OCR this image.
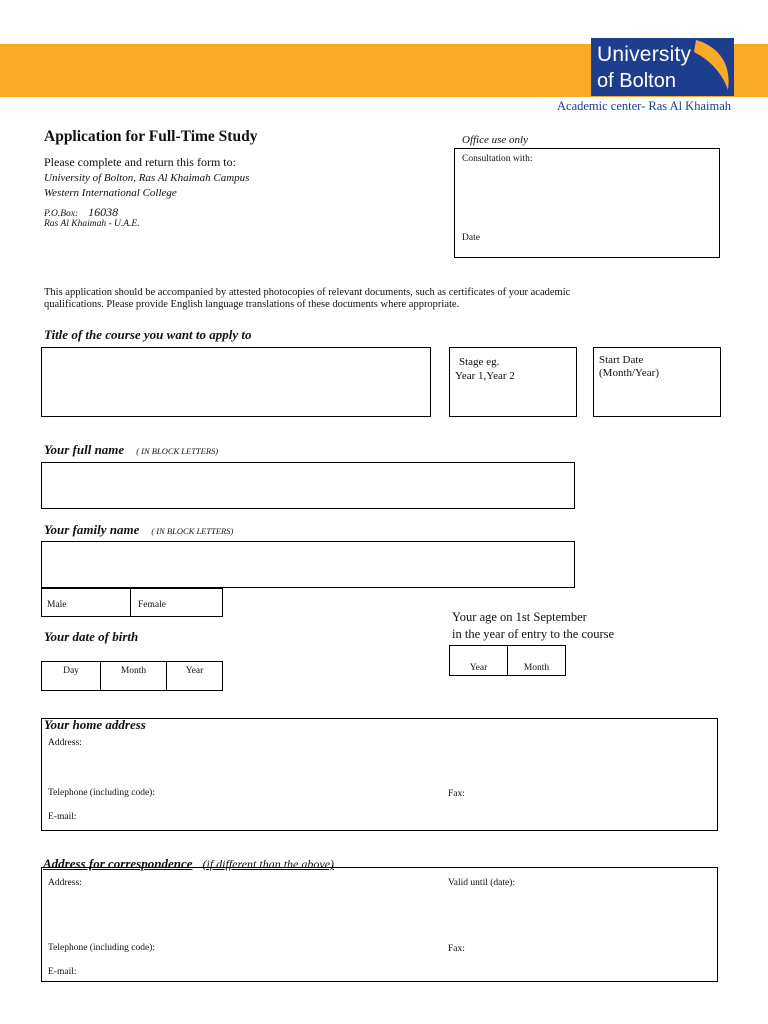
University
of Bolton
Academic center- Ras Al Khaimah
Application for Full-Time Study
Please complete and return this form to:
University of Bolton, Ras Al Khaimah Campus
Western International College
P.O.Box: 16038
Ras Al Khaimah - U.A.E.
Office use only
Consultation with:
Date
This application should be accompanied by attested photocopies of relevant documents, such as certificates of your academic
qualifications. Please provide English language translations of these documents where appropriate.
Title of the course you want to apply to
Stage eg.
Year 1,Year 2
Start Date
(Month/Year)
Your full name ( IN BLOCK LETTERS)
Your family name ( IN BLOCK LETTERS)
Male	Female
Your date of birth
Day	Month	Year
Your age on 1st September
in the year of entry to the course
Year	Month
Your home address
Address:
Telephone (including code):	Fax:
E-mail:
Address for correspondence (if different than the above)
Address:	Valid until (date):
Telephone (including code):	Fax:
E-mail:
